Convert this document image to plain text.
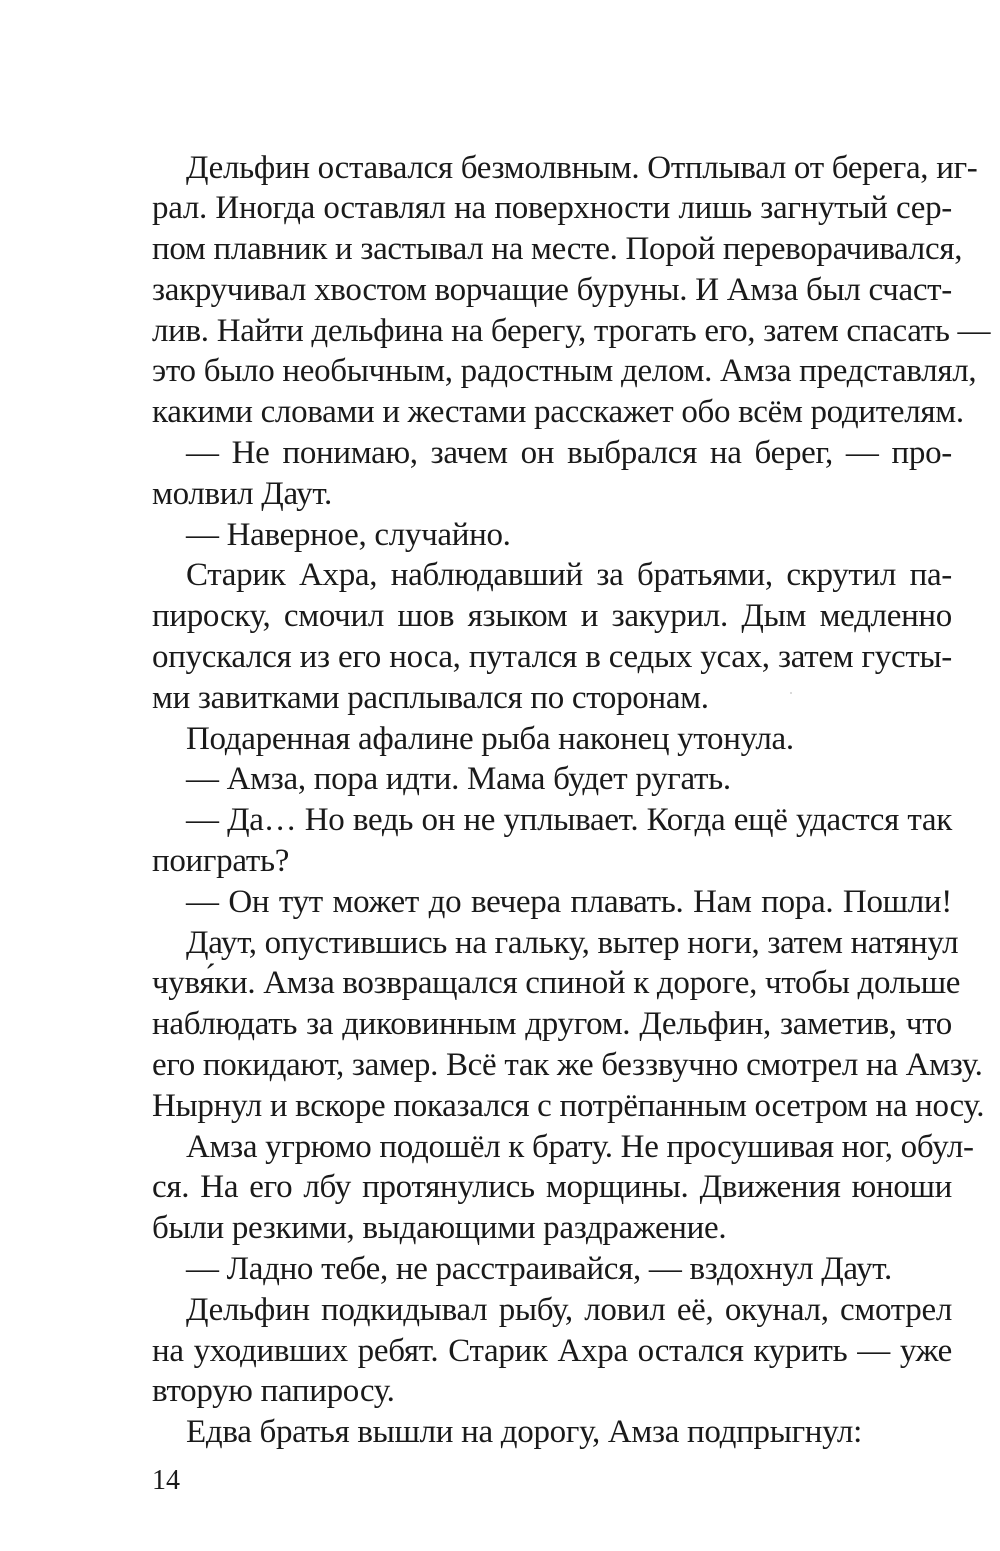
Дельфин оставался безмолвным. Отплывал от берега, иг-
рал. Иногда оставлял на поверхности лишь загнутый сер-
пом плавник и застывал на месте. Порой переворачивался,
закручивал хвостом ворчащие буруны. И Амза был счаст-
лив. Найти дельфина на берегу, трогать его, затем спасать —
это было необычным, радостным делом. Амза представлял,
какими словами и жестами расскажет обо всём родителям.
— Не понимаю, зачем он выбрался на берег, — про-
молвил Даут.
— Наверное, случайно.
Старик Ахра, наблюдавший за братьями, скрутил па-
пироску, смочил шов языком и закурил. Дым медленно
опускался из его носа, путался в седых усах, затем густы-
ми завитками расплывался по сторонам.
Подаренная афалине рыба наконец утонула.
— Амза, пора идти. Мама будет ругать.
— Да… Но ведь он не уплывает. Когда ещё удастся так
поиграть?
— Он тут может до вечера плавать. Нам пора. Пошли!
Даут, опустившись на гальку, вытер ноги, затем натянул
чувя́ки. Амза возвращался спиной к дороге, чтобы дольше
наблюдать за диковинным другом. Дельфин, заметив, что
его покидают, замер. Всё так же беззвучно смотрел на Амзу.
Нырнул и вскоре показался с потрёпанным осетром на носу.
Амза угрюмо подошёл к брату. Не просушивая ног, обул-
ся. На его лбу протянулись морщины. Движения юноши
были резкими, выдающими раздражение.
— Ладно тебе, не расстраивайся, — вздохнул Даут.
Дельфин подкидывал рыбу, ловил её, окунал, смотрел
на уходивших ребят. Старик Ахра остался курить — уже
вторую папиросу.
Едва братья вышли на дорогу, Амза подпрыгнул:
14
